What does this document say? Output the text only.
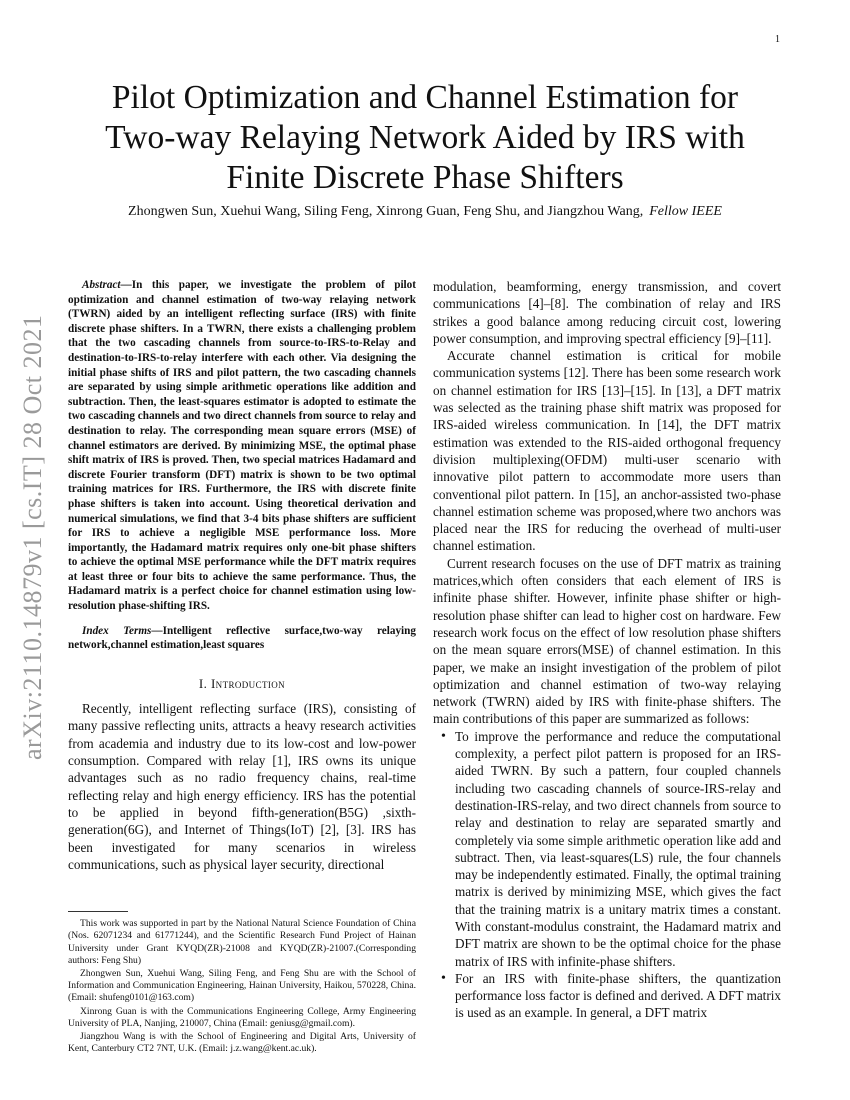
1
arXiv:2110.14879v1 [cs.IT] 28 Oct 2021
Pilot Optimization and Channel Estimation for Two-way Relaying Network Aided by IRS with Finite Discrete Phase Shifters
Zhongwen Sun, Xuehui Wang, Siling Feng, Xinrong Guan, Feng Shu, and Jiangzhou Wang, Fellow IEEE

Abstract—In this paper, we investigate the problem of pilot optimization and channel estimation of two-way relaying network (TWRN) aided by an intelligent reflecting surface (IRS) with finite discrete phase shifters. In a TWRN, there exists a challenging problem that the two cascading channels from source-to-IRS-to-Relay and destination-to-IRS-to-relay interfere with each other. Via designing the initial phase shifts of IRS and pilot pattern, the two cascading channels are separated by using simple arithmetic operations like addition and subtraction. Then, the least-squares estimator is adopted to estimate the two cascading channels and two direct channels from source to relay and destination to relay. The corresponding mean square errors (MSE) of channel estimators are derived. By minimizing MSE, the optimal phase shift matrix of IRS is proved. Then, two special matrices Hadamard and discrete Fourier transform (DFT) matrix is shown to be two optimal training matrices for IRS. Furthermore, the IRS with discrete finite phase shifters is taken into account. Using theoretical derivation and numerical simulations, we find that 3-4 bits phase shifters are sufficient for IRS to achieve a negligible MSE performance loss. More importantly, the Hadamard matrix requires only one-bit phase shifters to achieve the optimal MSE performance while the DFT matrix requires at least three or four bits to achieve the same performance. Thus, the Hadamard matrix is a perfect choice for channel estimation using low-resolution phase-shifting IRS.

Index Terms—Intelligent reflective surface,two-way relaying network,channel estimation,least squares

I. Introduction

Recently, intelligent reflecting surface (IRS), consisting of many passive reflecting units, attracts a heavy research activities from academia and industry due to its low-cost and low-power consumption. Compared with relay [1], IRS owns its unique advantages such as no radio frequency chains, real-time reflecting relay and high energy efficiency. IRS has the potential to be applied in beyond fifth-generation(B5G) ,sixth-generation(6G), and Internet of Things(IoT) [2], [3]. IRS has been investigated for many scenarios in wireless communications, such as physical layer security, directional

This work was supported in part by the National Natural Science Foundation of China (Nos. 62071234 and 61771244), and the Scientific Research Fund Project of Hainan University under Grant KYQD(ZR)-21008 and KYQD(ZR)-21007.(Corresponding authors: Feng Shu)

Zhongwen Sun, Xuehui Wang, Siling Feng, and Feng Shu are with the School of Information and Communication Engineering, Hainan University, Haikou, 570228, China.(Email: shufeng0101@163.com)

Xinrong Guan is with the Communications Engineering College, Army Engineering University of PLA, Nanjing, 210007, China (Email: geniusg@gmail.com).

Jiangzhou Wang is with the School of Engineering and Digital Arts, University of Kent, Canterbury CT2 7NT, U.K. (Email: j.z.wang@kent.ac.uk).

modulation, beamforming, energy transmission, and covert communications [4]–[8]. The combination of relay and IRS strikes a good balance among reducing circuit cost, lowering power consumption, and improving spectral efficiency [9]–[11].

Accurate channel estimation is critical for mobile communication systems [12]. There has been some research work on channel estimation for IRS [13]–[15]. In [13], a DFT matrix was selected as the training phase shift matrix was proposed for IRS-aided wireless communication. In [14], the DFT matrix estimation was extended to the RIS-aided orthogonal frequency division multiplexing(OFDM) multi-user scenario with innovative pilot pattern to accommodate more users than conventional pilot pattern. In [15], an anchor-assisted two-phase channel estimation scheme was proposed,where two anchors was placed near the IRS for reducing the overhead of multi-user channel estimation.

Current research focuses on the use of DFT matrix as training matrices,which often considers that each element of IRS is infinite phase shifter. However, infinite phase shifter or high-resolution phase shifter can lead to higher cost on hardware. Few research work focus on the effect of low resolution phase shifters on the mean square errors(MSE) of channel estimation. In this paper, we make an insight investigation of the problem of pilot optimization and channel estimation of two-way relaying network (TWRN) aided by IRS with finite-phase shifters. The main contributions of this paper are summarized as follows:

• To improve the performance and reduce the computational complexity, a perfect pilot pattern is proposed for an IRS-aided TWRN. By such a pattern, four coupled channels including two cascading channels of source-IRS-relay and destination-IRS-relay, and two direct channels from source to relay and destination to relay are separated smartly and completely via some simple arithmetic operation like add and subtract. Then, via least-squares(LS) rule, the four channels may be independently estimated. Finally, the optimal training matrix is derived by minimizing MSE, which gives the fact that the training matrix is a unitary matrix times a constant. With constant-modulus constraint, the Hadamard matrix and DFT matrix are shown to be the optimal choice for the phase matrix of IRS with infinite-phase shifters.
• For an IRS with finite-phase shifters, the quantization performance loss factor is defined and derived. A DFT matrix is used as an example. In general, a DFT matrix
